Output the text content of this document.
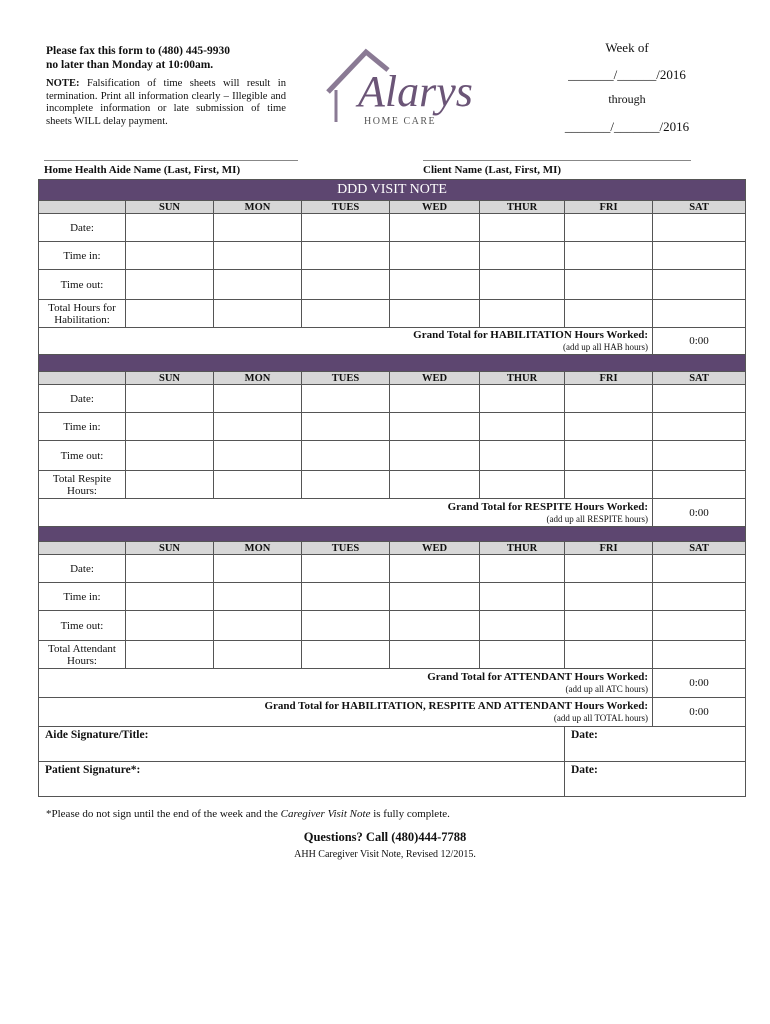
Please fax this form to (480) 445-9930
no later than Monday at 10:00am.
NOTE: Falsification of time sheets will result in termination. Print all information clearly – Illegible and incomplete information or late submission of time sheets WILL delay payment.
Alarys
HOME CARE
Week of
_______/______/2016
through
_______/_______/2016
Home Health Aide Name (Last, First, MI)	Client Name (Last, First, MI)
DDD VISIT NOTE							
	SUN	MON	TUES	WED	THUR	FRI	SAT
Date:							
Time in:							
Time out:							
Total Hours for Habilitation:							
Grand Total for HABILITATION Hours Worked:
(add up all HAB hours)							0:00

	SUN	MON	TUES	WED	THUR	FRI	SAT
Date:							
Time in:							
Time out:							
Total Respite Hours:							
Grand Total for RESPITE Hours Worked:
(add up all RESPITE hours)							0:00

	SUN	MON	TUES	WED	THUR	FRI	SAT
Date:							
Time in:							
Time out:							
Total Attendant Hours:							
Grand Total for ATTENDANT Hours Worked:
(add up all ATC hours)							0:00
Grand Total for HABILITATION, RESPITE AND ATTENDANT Hours Worked:
(add up all TOTAL hours)							0:00
Aide Signature/Title:						Date:	
Patient Signature*:						Date:	
*Please do not sign until the end of the week and the Caregiver Visit Note is fully complete.
Questions? Call (480)444-7788
AHH Caregiver Visit Note, Revised 12/2015.
